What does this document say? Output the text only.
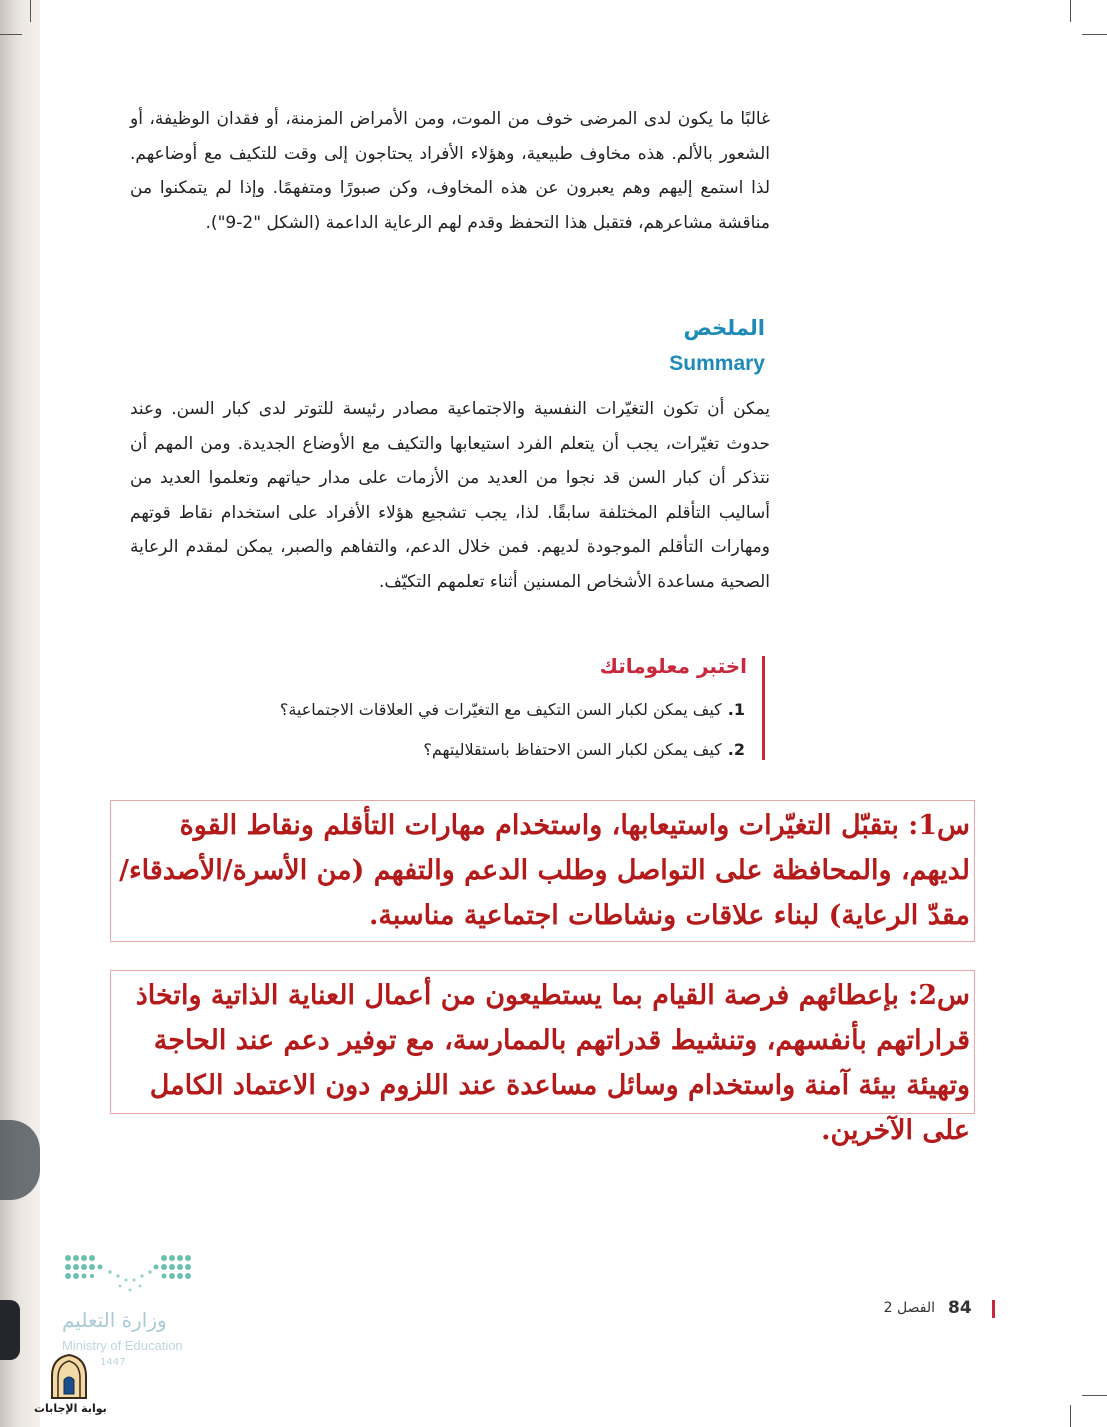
غالبًا ما يكون لدى المرضى خوف من الموت، ومن الأمراض المزمنة، أو فقدان الوظيفة، أو الشعور بالألم. هذه مخاوف طبيعية، وهؤلاء الأفراد يحتاجون إلى وقت للتكيف مع أوضاعهم. لذا استمع إليهم وهم يعبرون عن هذه المخاوف، وكن صبورًا ومتفهمًا. وإذا لم يتمكنوا من مناقشة مشاعرهم، فتقبل هذا التحفظ وقدم لهم الرعاية الداعمة (الشكل "2-9").
الملخص
Summary
يمكن أن تكون التغيّرات النفسية والاجتماعية مصادر رئيسة للتوتر لدى كبار السن. وعند حدوث تغيّرات، يجب أن يتعلم الفرد استيعابها والتكيف مع الأوضاع الجديدة. ومن المهم أن نتذكر أن كبار السن قد نجوا من العديد من الأزمات على مدار حياتهم وتعلموا العديد من أساليب التأقلم المختلفة سابقًا. لذا، يجب تشجيع هؤلاء الأفراد على استخدام نقاط قوتهم ومهارات التأقلم الموجودة لديهم. فمن خلال الدعم، والتفاهم والصبر، يمكن لمقدم الرعاية الصحية مساعدة الأشخاص المسنين أثناء تعلمهم التكيّف.
اختبر معلوماتك
1.كيف يمكن لكبار السن التكيف مع التغيّرات في العلاقات الاجتماعية؟
2.كيف يمكن لكبار السن الاحتفاظ باستقلاليتهم؟
س1: بتقبّل التغيّرات واستيعابها، واستخدام مهارات التأقلم ونقاط القوة لديهم، والمحافظة على التواصل وطلب الدعم والتفهم (من الأسرة/الأصدقاء/مقدّ الرعاية) لبناء علاقات ونشاطات اجتماعية مناسبة.
س2: بإعطائهم فرصة القيام بما يستطيعون من أعمال العناية الذاتية واتخاذ قراراتهم بأنفسهم، وتنشيط قدراتهم بالممارسة، مع توفير دعم عند الحاجة وتهيئة بيئة آمنة واستخدام وسائل مساعدة عند اللزوم دون الاعتماد الكامل على الآخرين.
وزارة التعليم
Ministry of Education
1447
بوابة الإجابات
84
الفصل 2
